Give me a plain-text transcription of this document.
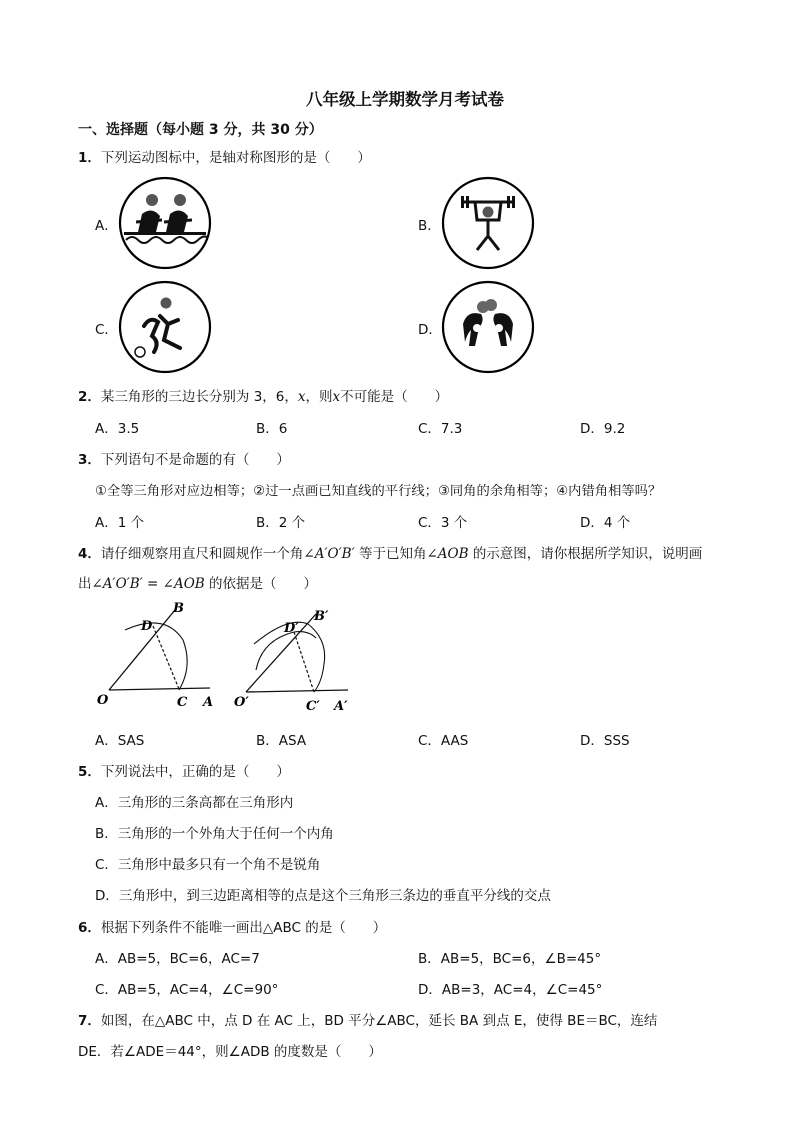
八年级上学期数学月考试卷
一、选择题（每小题 3 分，共 30 分）
1．下列运动图标中，是轴对称图形的是（　　）
A．	B．
C．	D．
2．某三角形的三边长分别为 3，6，x，则x不可能是（　　）
A．3.5	B．6	C．7.3	D．9.2
3．下列语句不是命题的有（　　）
①全等三角形对应边相等；②过一点画已知直线的平行线；③同角的余角相等；④内错角相等吗？
A．1 个	B．2 个	C．3 个	D．4 个
4．请仔细观察用直尺和圆规作一个角∠A′O′B′ 等于已知角∠AOB 的示意图，请你根据所学知识，说明画
出∠A′O′B′ = ∠AOB 的依据是（　　）
O	C A
B
D
O′	C′ A′
B′
D′
A．SAS	B．ASA	C．AAS	D．SSS
5．下列说法中，正确的是（　　）
A．三角形的三条高都在三角形内
B．三角形的一个外角大于任何一个内角
C．三角形中最多只有一个角不是锐角
D．三角形中，到三边距离相等的点是这个三角形三条边的垂直平分线的交点
6．根据下列条件不能唯一画出△ABC 的是（　　）
A．AB=5，BC=6，AC=7	B．AB=5，BC=6，∠B=45°
C．AB=5，AC=4，∠C=90°	D．AB=3，AC=4，∠C=45°
7．如图，在△ABC 中，点 D 在 AC 上，BD 平分∠ABC，延长 BA 到点 E，使得 BE＝BC，连结
DE．若∠ADE＝44°，则∠ADB 的度数是（　　）
